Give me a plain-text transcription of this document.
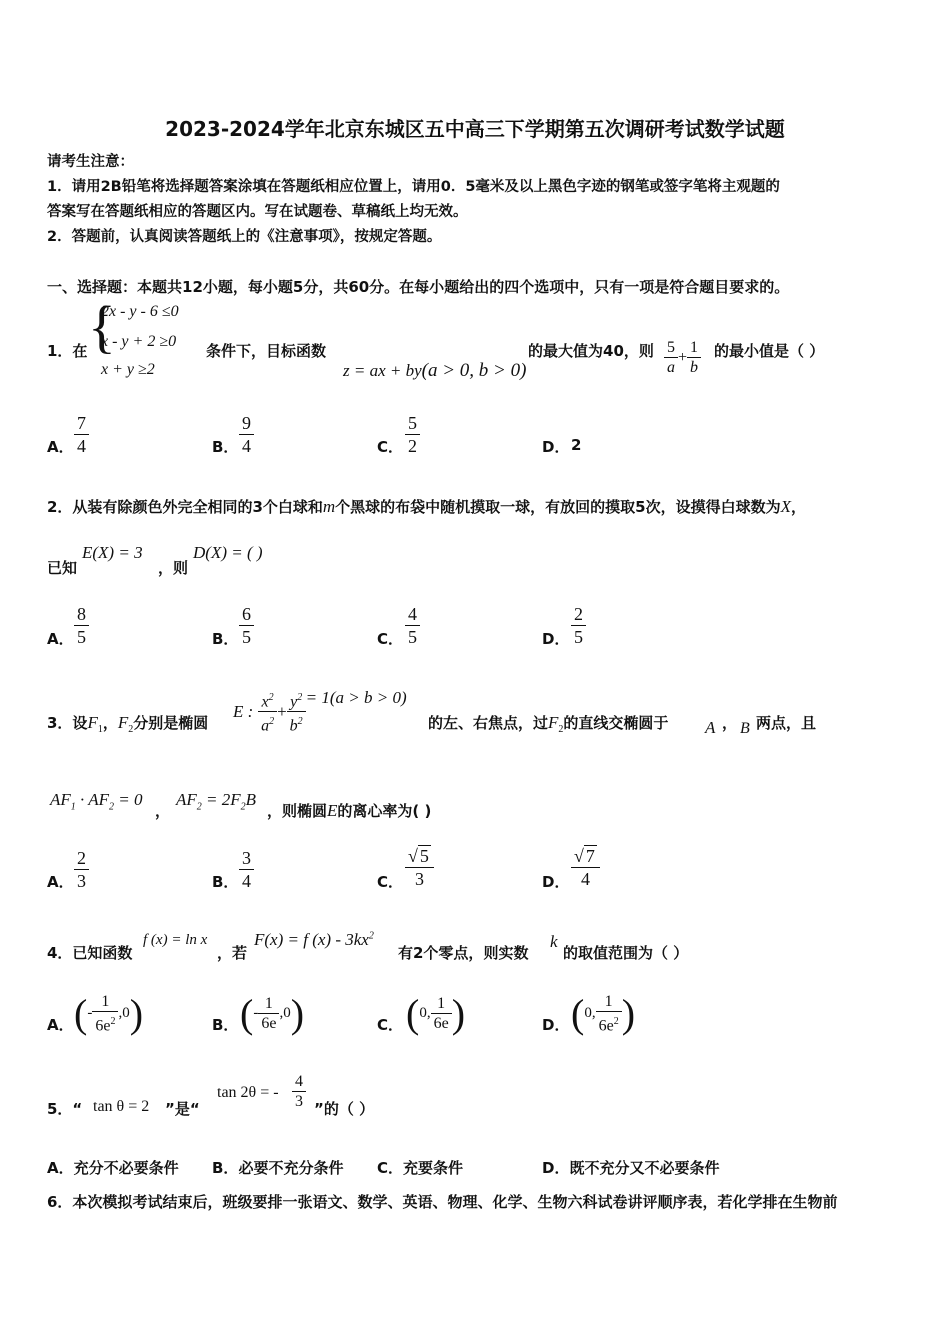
2023-2024学年北京东城区五中高三下学期第五次调研考试数学试题
请考生注意：
1．请用2B铅笔将选择题答案涂填在答题纸相应位置上，请用0．5毫米及以上黑色字迹的钢笔或签字笔将主观题的
答案写在答题纸相应的答题区内。写在试题卷、草稿纸上均无效。
2．答题前，认真阅读答题纸上的《注意事项》，按规定答题。
一、选择题：本题共12小题，每小题5分，共60分。在每小题给出的四个选项中，只有一项是符合题目要求的。
1．在 {
2x - y - 6 ≤0
x - y + 2 ≥0
x + y ≥2
条件下，目标函数
z = ax + by(a > 0, b > 0)
的最大值为40，则 $\frac{5}{a} + \frac{1}{b}$ 的最小值是（ ）
A． $\frac{7}{4}$	B． $\frac{9}{4}$	C． $\frac{5}{2}$	D． 2
2．从装有除颜色外完全相同的3个白球和m个黑球的布袋中随机摸取一球，有放回的摸取5次，设摸得白球数为X，
已知
E(X) = 3
，则
D(X) = ( )
A． $\frac{8}{5}$	B． $\frac{6}{5}$	C． $\frac{4}{5}$	D． $\frac{2}{5}$
3．设$F_1$，$F_2$分别是椭圆
E : $\frac{x^2}{a^2} + \frac{y^2}{b^2} = 1(a > b > 0)$
的左、右焦点，过$F_2$的直线交椭圆于 A ， B 两点，且
$AF_1 \cdot AF_2 = 0$
，
$AF_2 = 2F_2B$
，则椭圆E的离心率为( )
A． $\frac{2}{3}$	B． $\frac{3}{4}$	C． $\frac{√ 5}{3}$	D． $\frac{√ 7}{4}$
4．已知函数
f (x) = ln x
，若
F(x) = f $(x) - 3kx^2$
有2个零点，则实数
k
的取值范围为（ ）
A． (- $\frac{1}{6e^2} ,0$)	B． (- $\frac{1}{6e} ,0$)	C． (0, $\frac{1}{6e}$ )	D． (0, $\frac{1}{6e^2}$ )
5．“ tan θ = 2 ”是“
tan 2θ = - $\frac{4}{3}$ ”的（ ）
A．充分不必要条件 B．必要不充分条件 C．充要条件	D．既不充分又不必要条件
6．本次模拟考试结束后，班级要排一张语文、数学、英语、物理、化学、生物六科试卷讲评顺序表，若化学排在生物前
